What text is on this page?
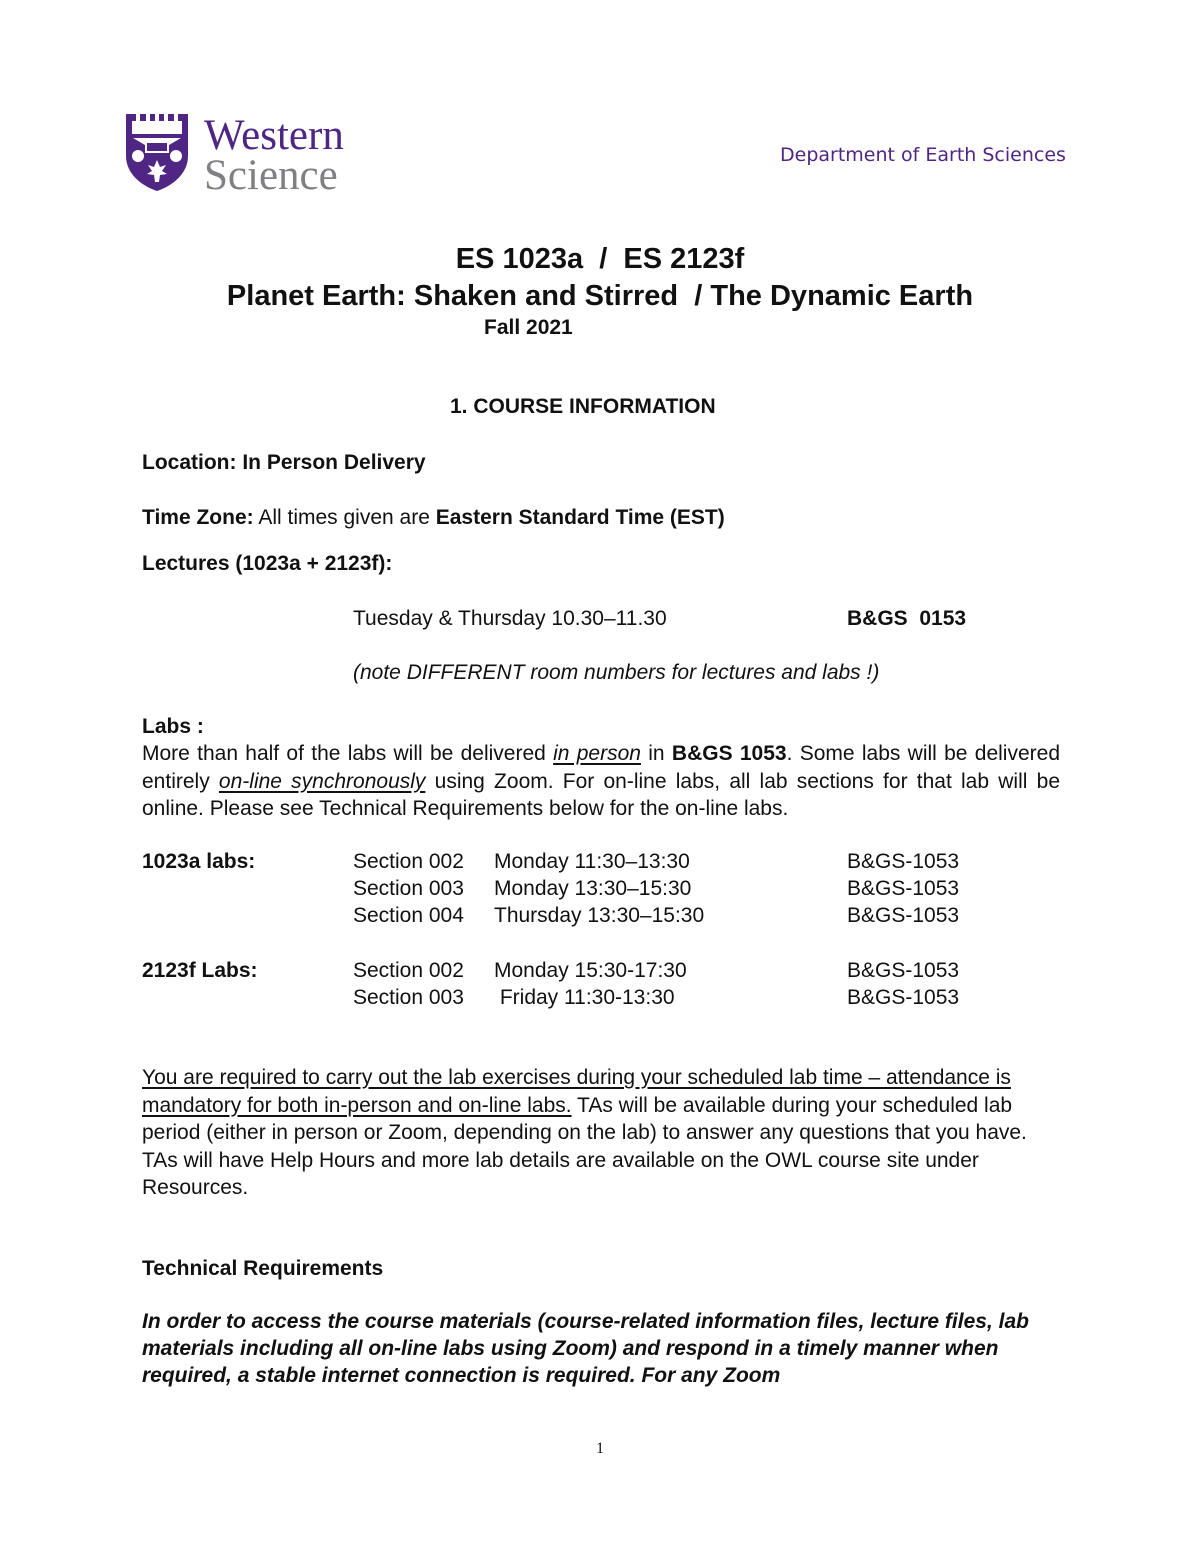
Western
Science	Department of Earth Sciences
ES 1023a  /  ES 2123f
Planet Earth: Shaken and Stirred  / The Dynamic Earth
Fall 2021
1. COURSE INFORMATION
Location: In Person Delivery
Time Zone: All times given are Eastern Standard Time (EST)
Lectures (1023a + 2123f):
Tuesday & Thursday 10.30–11.30	B&GS  0153
(note DIFFERENT room numbers for lectures and labs !)
Labs :
More than half of the labs will be delivered in person in B&GS 1053. Some labs will be delivered entirely on-line synchronously using Zoom. For on-line labs, all lab sections for that lab will be online. Please see Technical Requirements below for the on-line labs.
1023a labs:	Section 002 Monday 11:30–13:30	B&GS-1053
Section 003 Monday 13:30–15:30	B&GS-1053
Section 004 Thursday 13:30–15:30	B&GS-1053
2123f Labs:	Section 002 Monday 15:30-17:30	B&GS-1053
Section 003 Friday 11:30-13:30	B&GS-1053
You are required to carry out the lab exercises during your scheduled lab time – attendance is mandatory for both in-person and on-line labs. TAs will be available during your scheduled lab period (either in person or Zoom, depending on the lab) to answer any questions that you have. TAs will have Help Hours and more lab details are available on the OWL course site under Resources.
Technical Requirements
In order to access the course materials (course-related information files, lecture files, lab materials including all on-line labs using Zoom) and respond in a timely manner when required, a stable internet connection is required. For any Zoom
1
